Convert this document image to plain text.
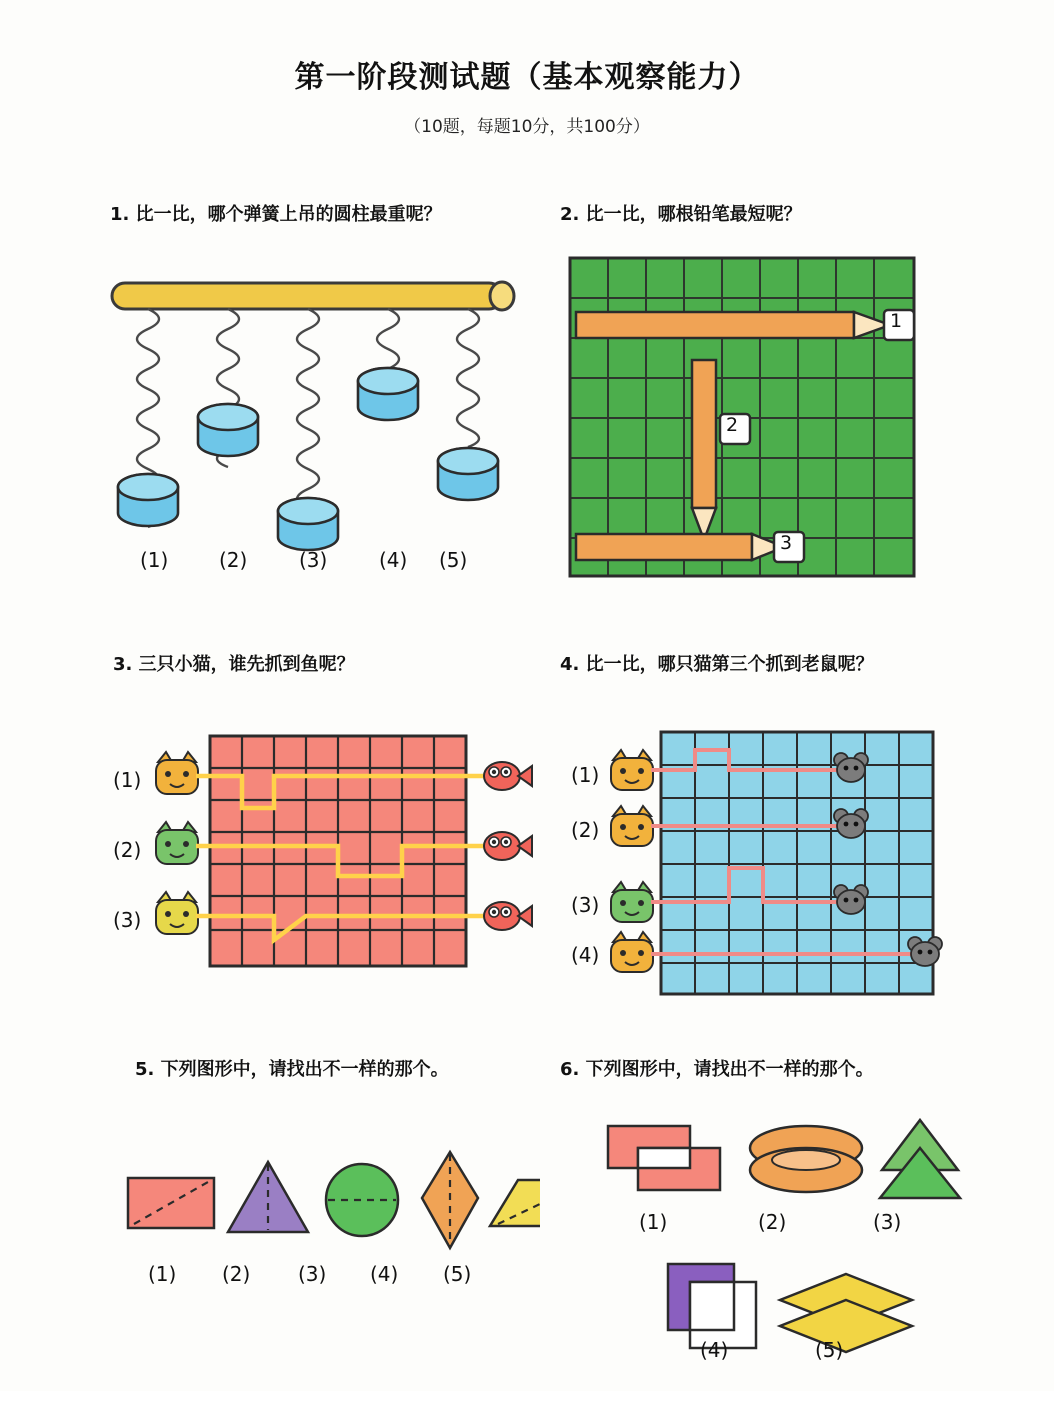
第一阶段测试题（基本观察能力）
（10题，每题10分，共100分）
1. 比一比，哪个弹簧上吊的圆柱最重呢？
(1)	(2)	(3)	(4) (5)
2. 比一比，哪根铅笔最短呢？
1
2
3
3. 三只小猫，谁先抓到鱼呢？
(1)
(2)
(3)
4. 比一比，哪只猫第三个抓到老鼠呢？
(1)
(2)
(3)
(4)
5. 下列图形中，请找出不一样的那个。
(1) (2) (3) (4) (5)
6. 下列图形中，请找出不一样的那个。
(1)	(2)	(3)
(4)	(5)
